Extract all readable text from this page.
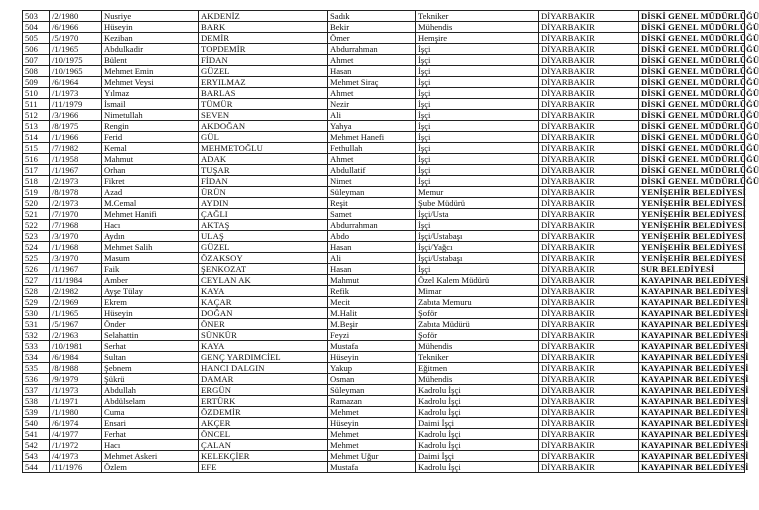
503	/2/1980	Nusriye	AKDENİZ	Sadık	Tekniker	DİYARBAKIR	DİSKİ GENEL MÜDÜRLÜĞÜ
504	/6/1966	Hüseyin	BARK	Bekir	Mühendis	DİYARBAKIR	DİSKİ GENEL MÜDÜRLÜĞÜ
505	/5/1970	Keziban	DEMİR	Ömer	Hemşire	DİYARBAKIR	DİSKİ GENEL MÜDÜRLÜĞÜ
506	/1/1965	Abdulkadir	TOPDEMİR	Abdurrahman	İşçi	DİYARBAKIR	DİSKİ GENEL MÜDÜRLÜĞÜ
507	/10/1975	Bülent	FİDAN	Ahmet	İşçi	DİYARBAKIR	DİSKİ GENEL MÜDÜRLÜĞÜ
508	/10/1965	Mehmet Emin	GÜZEL	Hasan	İşçi	DİYARBAKIR	DİSKİ GENEL MÜDÜRLÜĞÜ
509	/6/1964	Mehmet Veysi	ERYILMAZ	Mehmet Siraç	İşçi	DİYARBAKIR	DİSKİ GENEL MÜDÜRLÜĞÜ
510	/1/1973	Yılmaz	BARLAS	Ahmet	İşçi	DİYARBAKIR	DİSKİ GENEL MÜDÜRLÜĞÜ
511	/11/1979	İsmail	TÜMÜR	Nezir	İşçi	DİYARBAKIR	DİSKİ GENEL MÜDÜRLÜĞÜ
512	/3/1966	Nimetullah	SEVEN	Ali	İşçi	DİYARBAKIR	DİSKİ GENEL MÜDÜRLÜĞÜ
513	/8/1975	Rengin	AKDOĞAN	Yahya	İşçi	DİYARBAKIR	DİSKİ GENEL MÜDÜRLÜĞÜ
514	/1/1966	Ferid	GÜL	Mehmet Hanefi	İşçi	DİYARBAKIR	DİSKİ GENEL MÜDÜRLÜĞÜ
515	/7/1982	Kemal	MEHMETOĞLU	Fethullah	İşçi	DİYARBAKIR	DİSKİ GENEL MÜDÜRLÜĞÜ
516	/1/1958	Mahmut	ADAK	Ahmet	İşçi	DİYARBAKIR	DİSKİ GENEL MÜDÜRLÜĞÜ
517	/1/1967	Orhan	TUŞAR	Abdullatif	İşçi	DİYARBAKIR	DİSKİ GENEL MÜDÜRLÜĞÜ
518	/2/1973	Fikret	FİDAN	Nimet	İşçi	DİYARBAKIR	DİSKİ GENEL MÜDÜRLÜĞÜ
519	/8/1978	Azad	ÜRÜN	Süleyman	Memur	DİYARBAKIR	YENİŞEHİR BELEDİYESİ
520	/2/1973	M.Cemal	AYDIN	Reşit	Şube Müdürü	DİYARBAKIR	YENİŞEHİR BELEDİYESİ
521	/7/1970	Mehmet Hanifi	ÇAĞLI	Samet	İşçi/Usta	DİYARBAKIR	YENİŞEHİR BELEDİYESİ
522	/7/1968	Hacı	AKTAŞ	Abdurrahman	İşçi	DİYARBAKIR	YENİŞEHİR BELEDİYESİ
523	/3/1970	Aydın	ULAŞ	Abdo	İşçi/Ustabaşı	DİYARBAKIR	YENİŞEHİR BELEDİYESİ
524	/1/1968	Mehmet Salih	GÜZEL	Hasan	İşçi/Yağcı	DİYARBAKIR	YENİŞEHİR BELEDİYESİ
525	/3/1970	Masum	ÖZAKSOY	Ali	İşçi/Ustabaşı	DİYARBAKIR	YENİŞEHİR BELEDİYESİ
526	/1/1967	Faik	ŞENKOZAT	Hasan	İşçi	DİYARBAKIR	SUR BELEDİYESİ
527	/11/1984	Amber	CEYLAN AK	Mahmut	Özel Kalem Müdürü	DİYARBAKIR	KAYAPINAR BELEDİYESİ
528	/2/1982	Ayşe Tülay	KAYA	Refik	Mimar	DİYARBAKIR	KAYAPINAR BELEDİYESİ
529	/2/1969	Ekrem	KAÇAR	Mecit	Zabıta Memuru	DİYARBAKIR	KAYAPINAR BELEDİYESİ
530	/1/1965	Hüseyin	DOĞAN	M.Halit	Şoför	DİYARBAKIR	KAYAPINAR BELEDİYESİ
531	/5/1967	Önder	ÖNER	M.Beşir	Zabıta Müdürü	DİYARBAKIR	KAYAPINAR BELEDİYESİ
532	/2/1963	Selahattin	SÜNKÜR	Feyzi	Şoför	DİYARBAKIR	KAYAPINAR BELEDİYESİ
533	/10/1981	Serhat	KAYA	Mustafa	Mühendis	DİYARBAKIR	KAYAPINAR BELEDİYESİ
534	/6/1984	Sultan	GENÇ YARDIMCİEL	Hüseyin	Tekniker	DİYARBAKIR	KAYAPINAR BELEDİYESİ
535	/8/1988	Şebnem	HANCI DALGIN	Yakup	Eğitmen	DİYARBAKIR	KAYAPINAR BELEDİYESİ
536	/9/1979	Şükrü	DAMAR	Osman	Mühendis	DİYARBAKIR	KAYAPINAR BELEDİYESİ
537	/1/1973	Abdullah	ERGÜN	Süleyman	Kadrolu İşçi	DİYARBAKIR	KAYAPINAR BELEDİYESİ
538	/1/1971	Abdülselam	ERTÜRK	Ramazan	Kadrolu İşçi	DİYARBAKIR	KAYAPINAR BELEDİYESİ
539	/1/1980	Cuma	ÖZDEMİR	Mehmet	Kadrolu İşçi	DİYARBAKIR	KAYAPINAR BELEDİYESİ
540	/6/1974	Ensari	AKÇER	Hüseyin	Daimi İşçi	DİYARBAKIR	KAYAPINAR BELEDİYESİ
541	/4/1977	Ferhat	ÖNCEL	Mehmet	Kadrolu İşçi	DİYARBAKIR	KAYAPINAR BELEDİYESİ
542	/1/1972	Hacı	ÇALAN	Mehmet	Kadrolu İşçi	DİYARBAKIR	KAYAPINAR BELEDİYESİ
543	/4/1973	Mehmet Askeri	KELEKÇİER	Mehmet Uğur	Daimi İşçi	DİYARBAKIR	KAYAPINAR BELEDİYESİ
544	/11/1976	Özlem	EFE	Mustafa	Kadrolu İşçi	DİYARBAKIR	KAYAPINAR BELEDİYESİ
